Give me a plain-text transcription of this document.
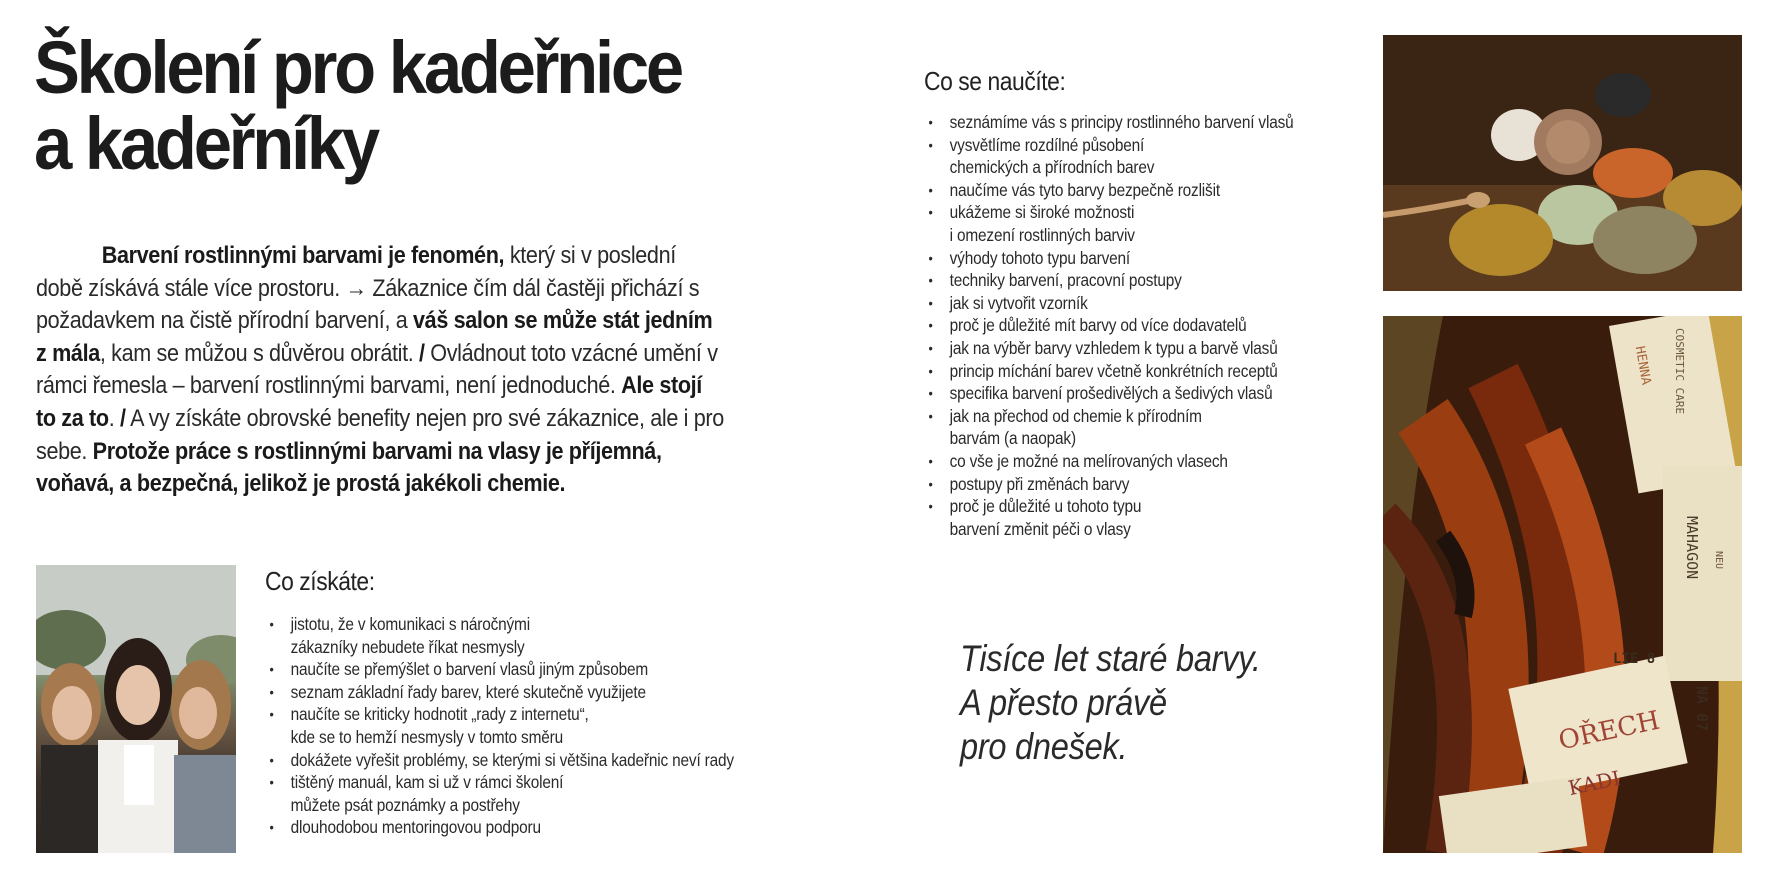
Školení pro kadeřnice
a kadeřníky

Barvení rostlinnými barvami je fenomén, který si v poslední době získává stále více prostoru. → Zákaznice čím dál častěji přichází s požadavkem na čistě přírodní barvení, a váš salon se může stát jedním z mála, kam se můžou s důvěrou obrátit. / Ovládnout toto vzácné umění v rámci řemesla – barvení rostlinnými barvami, není jednoduché. Ale stojí to za to. / A vy získáte obrovské benefity nejen pro své zákaznice, ale i pro sebe. Protože práce s rostlinnými barvami na vlasy je příjemná, voňavá, a bezpečná, jelikož je prostá jakékoli chemie.

Co získáte:
• jistotu, že v komunikaci s náročnými
zákazníky nebudete říkat nesmysly
• naučíte se přemýšlet o barvení vlasů jiným způsobem
• seznam základní řady barev, které skutečně využijete
• naučíte se kriticky hodnotit „rady z internetu“,
kde se to hemží nesmysly v tomto směru
• dokážete vyřešit problémy, se kterými si většina kadeřnic neví rady
• tištěný manuál, kam si už v rámci školení
můžete psát poznámky a postřehy
• dlouhodobou mentoringovou podporu
Co se naučíte:
• seznámíme vás s principy rostlinného barvení vlasů
• vysvětlíme rozdílné působení
chemických a přírodních barev
• naučíme vás tyto barvy bezpečně rozlišit
• ukážeme si široké možnosti
i omezení rostlinných barviv
• výhody tohoto typu barvení
• techniky barvení, pracovní postupy
• jak si vytvořit vzorník
• proč je důležité mít barvy od více dodavatelů
• jak na výběr barvy vzhledem k typu a barvě vlasů
• princip míchání barev včetně konkrétních receptů
• specifika barvení prošedivělých a šedivých vlasů
• jak na přechod od chemie k přírodním
barvám (a naopak)
• co vše je možné na melírovaných vlasech
• postupy při změnách barvy
• proč je důležité u tohoto typu
barvení změnit péči o vlasy
Tisíce let staré barvy.
A přesto právě
pro dnešek.
HENNA COSMETIC CARE
MAHAGON NEU
NA 07
LIE 8
OŘECH
KADI
